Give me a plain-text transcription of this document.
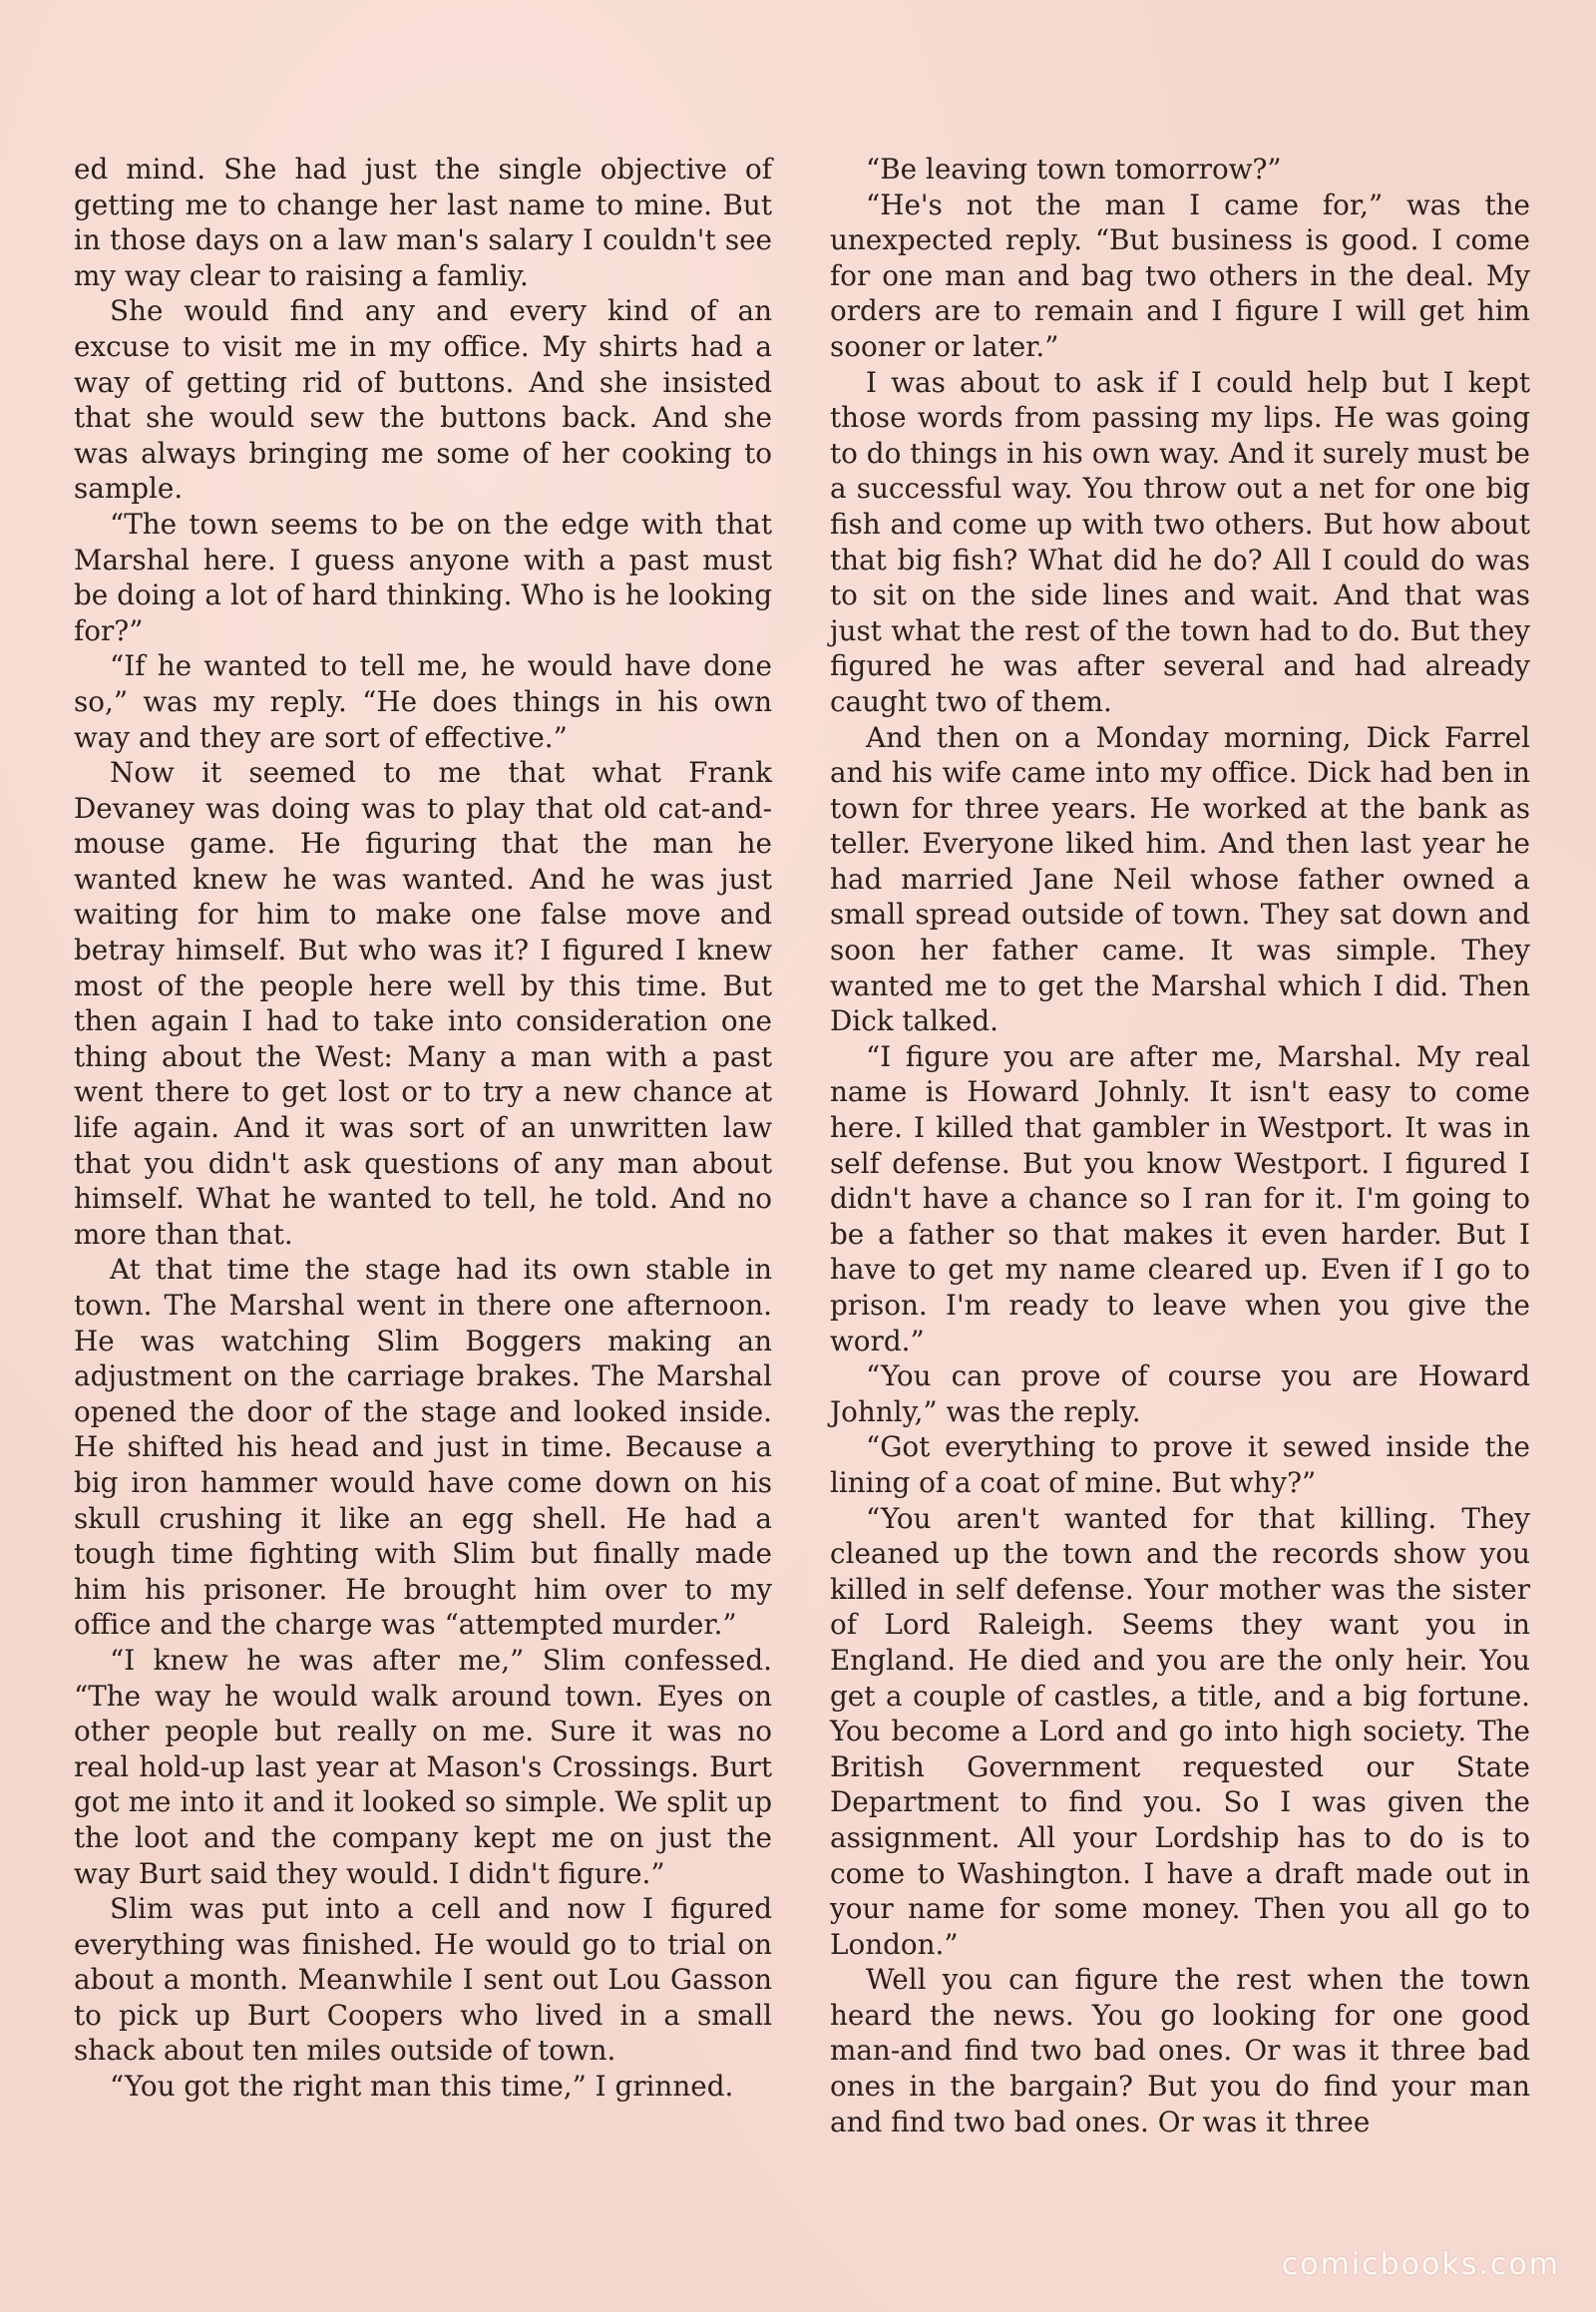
ed mind. She had just the single objective of getting me to change her last name to mine. But in those days on a law man's salary I couldn't see my way clear to raising a famliy.

She would find any and every kind of an excuse to visit me in my office. My shirts had a way of getting rid of buttons. And she insisted that she would sew the buttons back. And she was always bringing me some of her cooking to sample.

“The town seems to be on the edge with that Marshal here. I guess anyone with a past must be doing a lot of hard thinking. Who is he looking for?”

“If he wanted to tell me, he would have done so,” was my reply. “He does things in his own way and they are sort of effective.”

Now it seemed to me that what Frank Devaney was doing was to play that old cat-and-mouse game. He figuring that the man he wanted knew he was wanted. And he was just waiting for him to make one false move and betray himself. But who was it? I figured I knew most of the people here well by this time. But then again I had to take into consideration one thing about the West: Many a man with a past went there to get lost or to try a new chance at life again. And it was sort of an unwritten law that you didn't ask questions of any man about himself. What he wanted to tell, he told. And no more than that.

At that time the stage had its own stable in town. The Marshal went in there one afternoon. He was watching Slim Boggers making an adjustment on the carriage brakes. The Marshal opened the door of the stage and looked inside. He shifted his head and just in time. Because a big iron hammer would have come down on his skull crushing it like an egg shell. He had a tough time fighting with Slim but finally made him his prisoner. He brought him over to my office and the charge was “attempted murder.”

“I knew he was after me,” Slim confessed. “The way he would walk around town. Eyes on other people but really on me. Sure it was no real hold-up last year at Mason's Crossings. Burt got me into it and it looked so simple. We split up the loot and the company kept me on just the way Burt said they would. I didn't figure.”

Slim was put into a cell and now I figured everything was finished. He would go to trial on about a month. Meanwhile I sent out Lou Gasson to pick up Burt Coopers who lived in a small shack about ten miles outside of town.

“You got the right man this time,” I grinned.

“Be leaving town tomorrow?”

“He's not the man I came for,” was the unexpected reply. “But business is good. I come for one man and bag two others in the deal. My orders are to remain and I figure I will get him sooner or later.”

I was about to ask if I could help but I kept those words from passing my lips. He was going to do things in his own way. And it surely must be a successful way. You throw out a net for one big fish and come up with two others. But how about that big fish? What did he do? All I could do was to sit on the side lines and wait. And that was just what the rest of the town had to do. But they figured he was after several and had already caught two of them.

And then on a Monday morning, Dick Farrel and his wife came into my office. Dick had ben in town for three years. He worked at the bank as teller. Everyone liked him. And then last year he had married Jane Neil whose father owned a small spread outside of town. They sat down and soon her father came. It was simple. They wanted me to get the Marshal which I did. Then Dick talked.

“I figure you are after me, Marshal. My real name is Howard Johnly. It isn't easy to come here. I killed that gambler in Westport. It was in self defense. But you know Westport. I figured I didn't have a chance so I ran for it. I'm going to be a father so that makes it even harder. But I have to get my name cleared up. Even if I go to prison. I'm ready to leave when you give the word.”

“You can prove of course you are Howard Johnly,” was the reply.

“Got everything to prove it sewed inside the lining of a coat of mine. But why?”

“You aren't wanted for that killing. They cleaned up the town and the records show you killed in self defense. Your mother was the sister of Lord Raleigh. Seems they want you in England. He died and you are the only heir. You get a couple of castles, a title, and a big fortune. You become a Lord and go into high society. The British Government requested our State Department to find you. So I was given the assignment. All your Lordship has to do is to come to Washington. I have a draft made out in your name for some money. Then you all go to London.”

Well you can figure the rest when the town heard the news. You go looking for one good man-and find two bad ones. Or was it three bad ones in the bargain? But you do find your man and find two bad ones. Or was it three

comicbooks.com
